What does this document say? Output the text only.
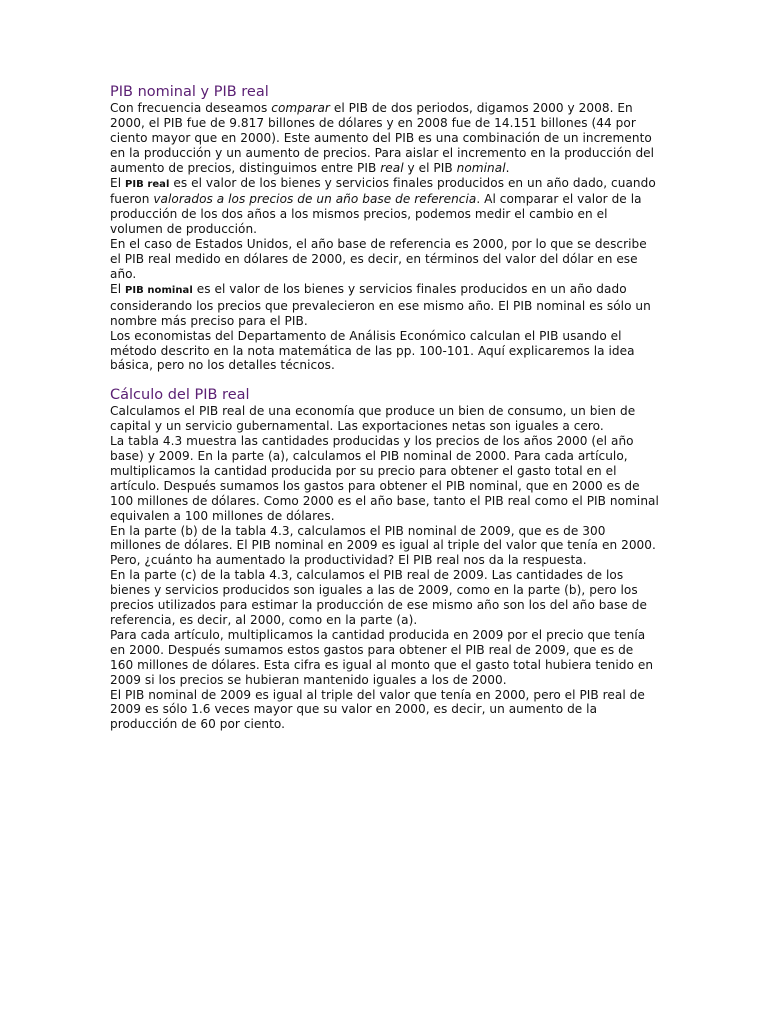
PIB nominal y PIB real

Con frecuencia deseamos comparar el PIB de dos periodos, digamos 2000 y 2008. En 2000, el PIB fue de 9.817 billones de dólares y en 2008 fue de 14.151 billones (44 por ciento mayor que en 2000). Este aumento del PIB es una combinación de un incremento en la producción y un aumento de precios. Para aislar el incremento en la producción del aumento de precios, distinguimos entre PIB real y el PIB nominal.

El PIB real es el valor de los bienes y servicios finales producidos en un año dado, cuando fueron valorados a los precios de un año base de referencia. Al comparar el valor de la producción de los dos años a los mismos precios, podemos medir el cambio en el volumen de producción.

En el caso de Estados Unidos, el año base de referencia es 2000, por lo que se describe el PIB real medido en dólares de 2000, es decir, en términos del valor del dólar en ese año.

El PIB nominal es el valor de los bienes y servicios finales producidos en un año dado considerando los precios que prevalecieron en ese mismo año. El PIB nominal es sólo un nombre más preciso para el PIB.

Los economistas del Departamento de Análisis Económico calculan el PIB usando el método descrito en la nota matemática de las pp. 100-101. Aquí explicaremos la idea básica, pero no los detalles técnicos.

Cálculo del PIB real

Calculamos el PIB real de una economía que produce un bien de consumo, un bien de capital y un servicio gubernamental. Las exportaciones netas son iguales a cero.

La tabla 4.3 muestra las cantidades producidas y los precios de los años 2000 (el año base) y 2009. En la parte (a), calculamos el PIB nominal de 2000. Para cada artículo, multiplicamos la cantidad producida por su precio para obtener el gasto total en el artículo. Después sumamos los gastos para obtener el PIB nominal, que en 2000 es de 100 millones de dólares. Como 2000 es el año base, tanto el PIB real como el PIB nominal equivalen a 100 millones de dólares.

En la parte (b) de la tabla 4.3, calculamos el PIB nominal de 2009, que es de 300 millones de dólares. El PIB nominal en 2009 es igual al triple del valor que tenía en 2000. Pero, ¿cuánto ha aumentado la productividad? El PIB real nos da la respuesta.

En la parte (c) de la tabla 4.3, calculamos el PIB real de 2009. Las cantidades de los bienes y servicios producidos son iguales a las de 2009, como en la parte (b), pero los precios utilizados para estimar la producción de ese mismo año son los del año base de referencia, es decir, al 2000, como en la parte (a).

Para cada artículo, multiplicamos la cantidad producida en 2009 por el precio que tenía en 2000. Después sumamos estos gastos para obtener el PIB real de 2009, que es de 160 millones de dólares. Esta cifra es igual al monto que el gasto total hubiera tenido en 2009 si los precios se hubieran mantenido iguales a los de 2000.

El PIB nominal de 2009 es igual al triple del valor que tenía en 2000, pero el PIB real de 2009 es sólo 1.6 veces mayor que su valor en 2000, es decir, un aumento de la producción de 60 por ciento.
